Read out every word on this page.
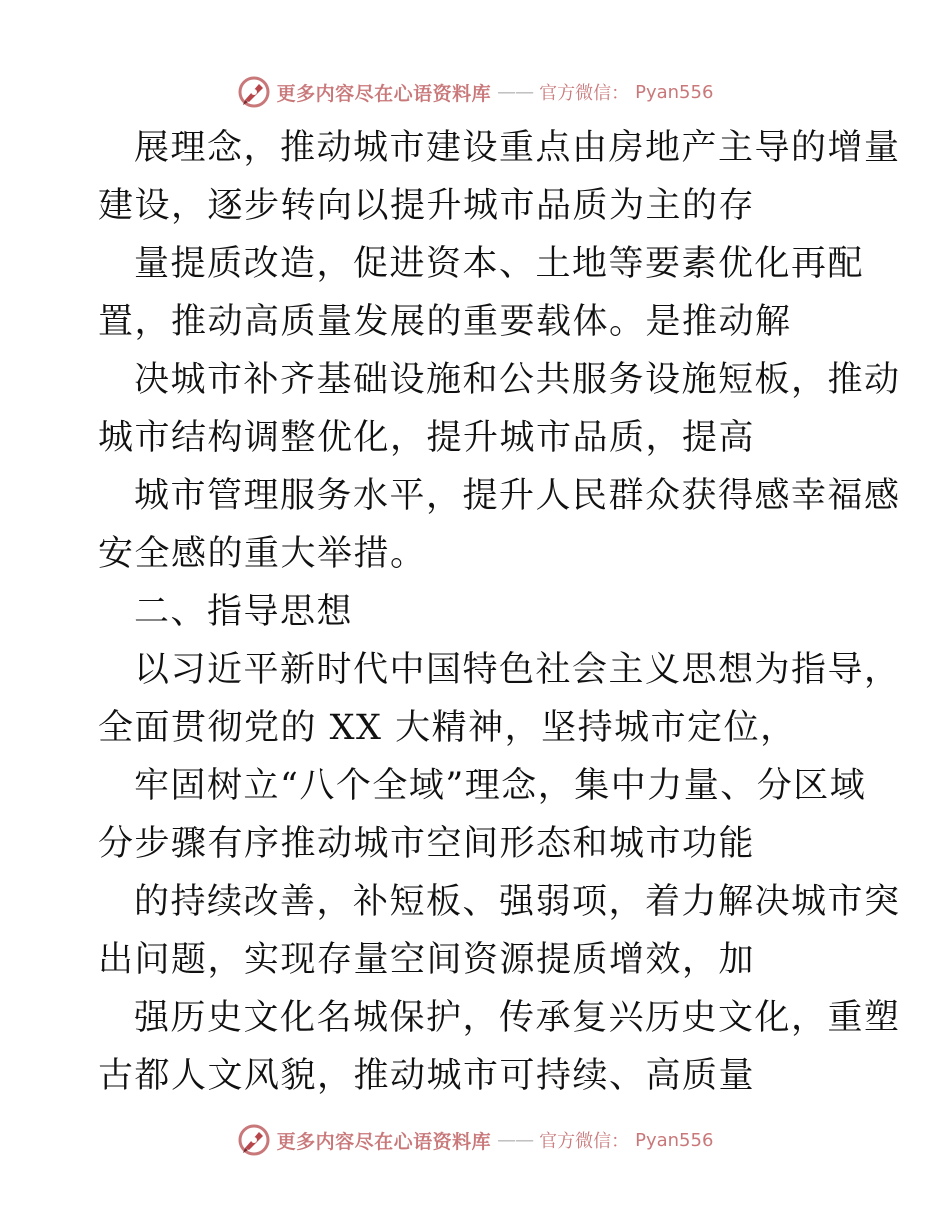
更多内容尽在心语资料库 —— 官方微信： Pyan556
展理念，推动城市建设重点由房地产主导的增量
建设，逐步转向以提升城市品质为主的存
量提质改造，促进资本、土地等要素优化再配
置，推动高质量发展的重要载体。是推动解
决城市补齐基础设施和公共服务设施短板，推动
城市结构调整优化，提升城市品质，提高
城市管理服务水平，提升人民群众获得感幸福感
安全感的重大举措。
二、指导思想
以习近平新时代中国特色社会主义思想为指导，
全面贯彻党的 XX 大精神，坚持城市定位，
牢固树立“八个全域”理念，集中力量、分区域
分步骤有序推动城市空间形态和城市功能
的持续改善，补短板、强弱项，着力解决城市突
出问题，实现存量空间资源提质增效，加
强历史文化名城保护，传承复兴历史文化，重塑
古都人文风貌，推动城市可持续、高质量
更多内容尽在心语资料库 —— 官方微信： Pyan556
